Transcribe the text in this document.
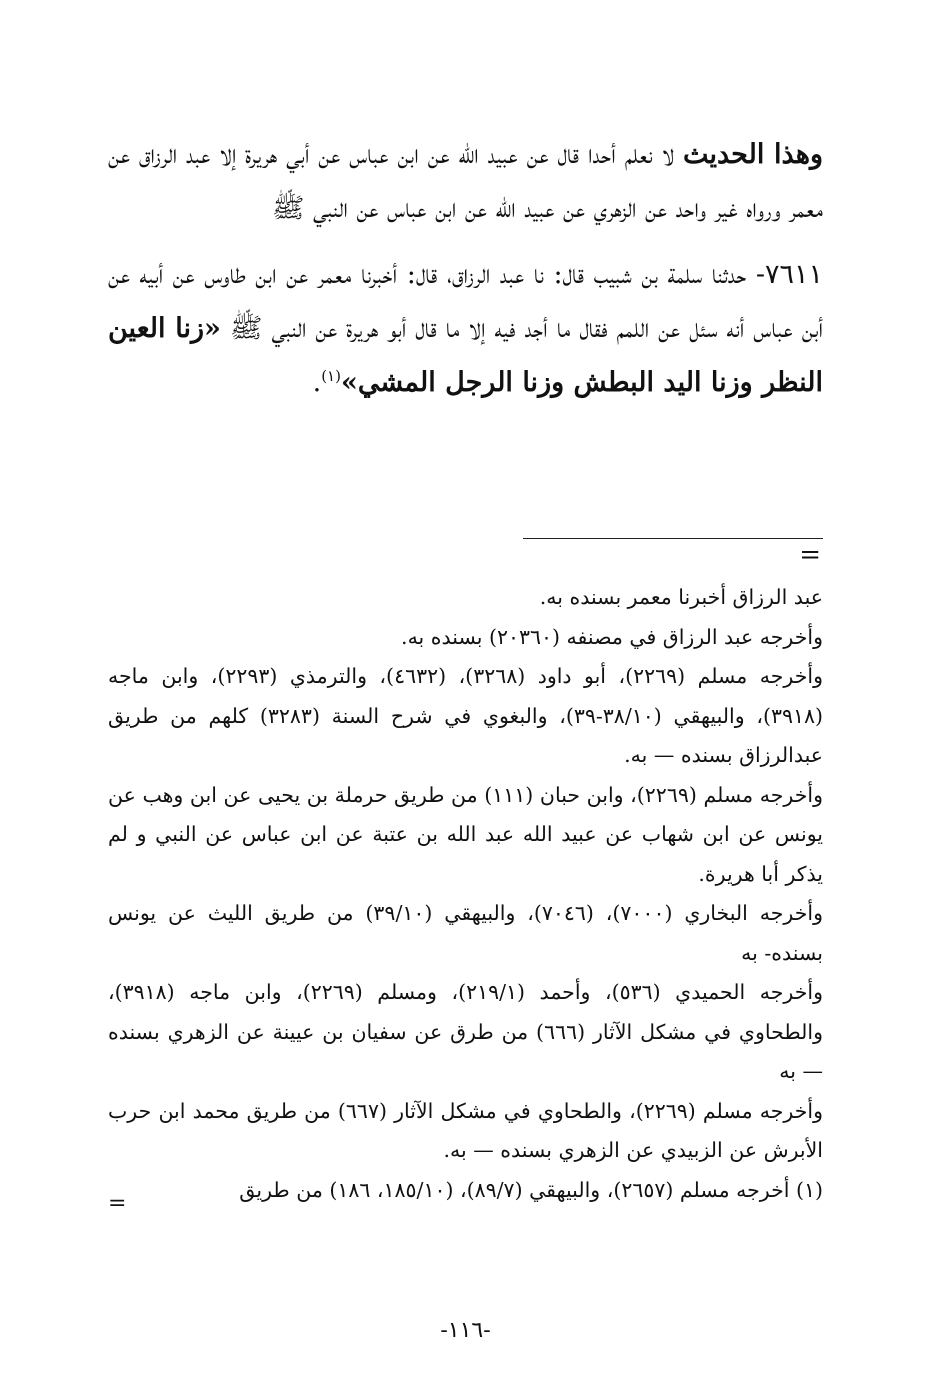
وهذا الحديث لا نعلم أحدا قال عن عبيد الله عن ابن عباس عن أبي هريرة إلا عبد الرزاق عن معمر ورواه غير واحد عن الزهري عن عبيد الله عن ابن عباس عن النبي ﷺ

٧٦١١- حدثنا سلمة بن شبيب قال: نا عبد الرزاق، قال: أخبرنا معمر عن ابن طاوس عن أبيه عن أبن عباس أنه سئل عن اللمم فقال ما أجد فيه إلا ما قال أبو هريرة عن النبي ﷺ «زنا العين النظر وزنا اليد البطش وزنا الرجل المشي»$^{(١)}$.

=

عبد الرزاق أخبرنا معمر بسنده به.

وأخرجه عبد الرزاق في مصنفه (٢٠٣٦٠) بسنده به.

وأخرجه مسلم (٢٢٦٩)، أبو داود (٣٢٦٨)، (٤٦٣٢)، والترمذي (٢٢٩٣)، وابن ماجه (٣٩١٨)، والبيهقي (٣٨/١٠-٣٩)، والبغوي في شرح السنة (٣٢٨٣) كلهم من طريق عبدالرزاق بسنده — به.

وأخرجه مسلم (٢٢٦٩)، وابن حبان (١١١) من طريق حرملة بن يحيى عن ابن وهب عن يونس عن ابن شهاب عن عبيد الله عبد الله بن عتبة عن ابن عباس عن النبي و لم يذكر أبا هريرة.

وأخرجه البخاري (٧٠٠٠)، (٧٠٤٦)، والبيهقي (٣٩/١٠) من طريق الليث عن يونس بسنده- به

وأخرجه الحميدي (٥٣٦)، وأحمد (٢١٩/١)، ومسلم (٢٢٦٩)، وابن ماجه (٣٩١٨)، والطحاوي في مشكل الآثار (٦٦٦) من طرق عن سفيان بن عيينة عن الزهري بسنده — به

وأخرجه مسلم (٢٢٦٩)، والطحاوي في مشكل الآثار (٦٦٧) من طريق محمد ابن حرب الأبرش عن الزبيدي عن الزهري بسنده — به.

(١) أخرجه مسلم (٢٦٥٧)، والبيهقي (٨٩/٧)، (١٨٥/١٠، ١٨٦) من طريق
=

-١١٦-
